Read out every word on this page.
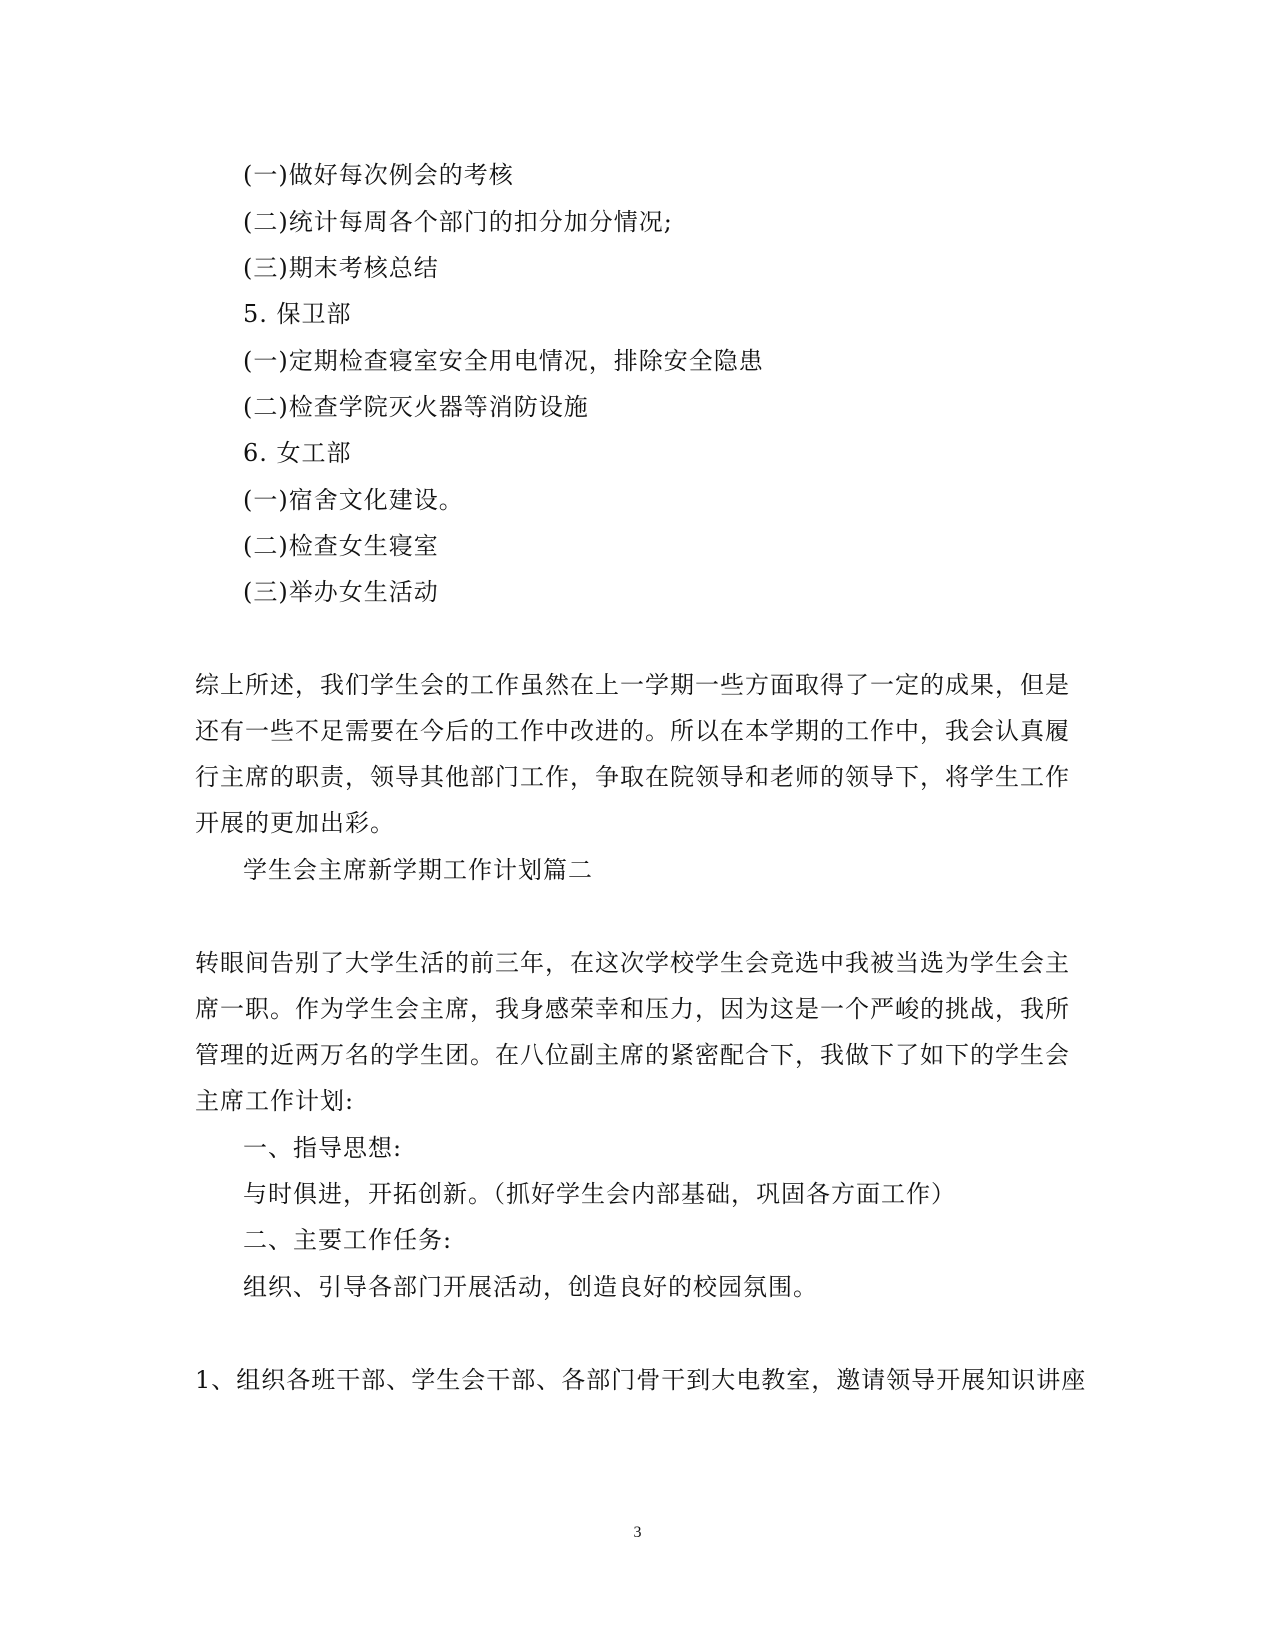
(一)做好每次例会的考核
(二)统计每周各个部门的扣分加分情况;
(三)期末考核总结
5. 保卫部
(一)定期检查寝室安全用电情况，排除安全隐患
(二)检查学院灭火器等消防设施
6. 女工部
(一)宿舍文化建设。
(二)检查女生寝室
(三)举办女生活动
综上所述，我们学生会的工作虽然在上一学期一些方面取得了一定的成果，但是
还有一些不足需要在今后的工作中改进的。所以在本学期的工作中，我会认真履
行主席的职责，领导其他部门工作，争取在院领导和老师的领导下，将学生工作
开展的更加出彩。
学生会主席新学期工作计划篇二
转眼间告别了大学生活的前三年，在这次学校学生会竞选中我被当选为学生会主
席一职。作为学生会主席，我身感荣幸和压力，因为这是一个严峻的挑战，我所
管理的近两万名的学生团。在八位副主席的紧密配合下，我做下了如下的学生会
主席工作计划:
一、指导思想:
与时俱进，开拓创新。（抓好学生会内部基础，巩固各方面工作）
二、主要工作任务:
组织、引导各部门开展活动，创造良好的校园氛围。
1、组织各班干部、学生会干部、各部门骨干到大电教室，邀请领导开展知识讲座
3
